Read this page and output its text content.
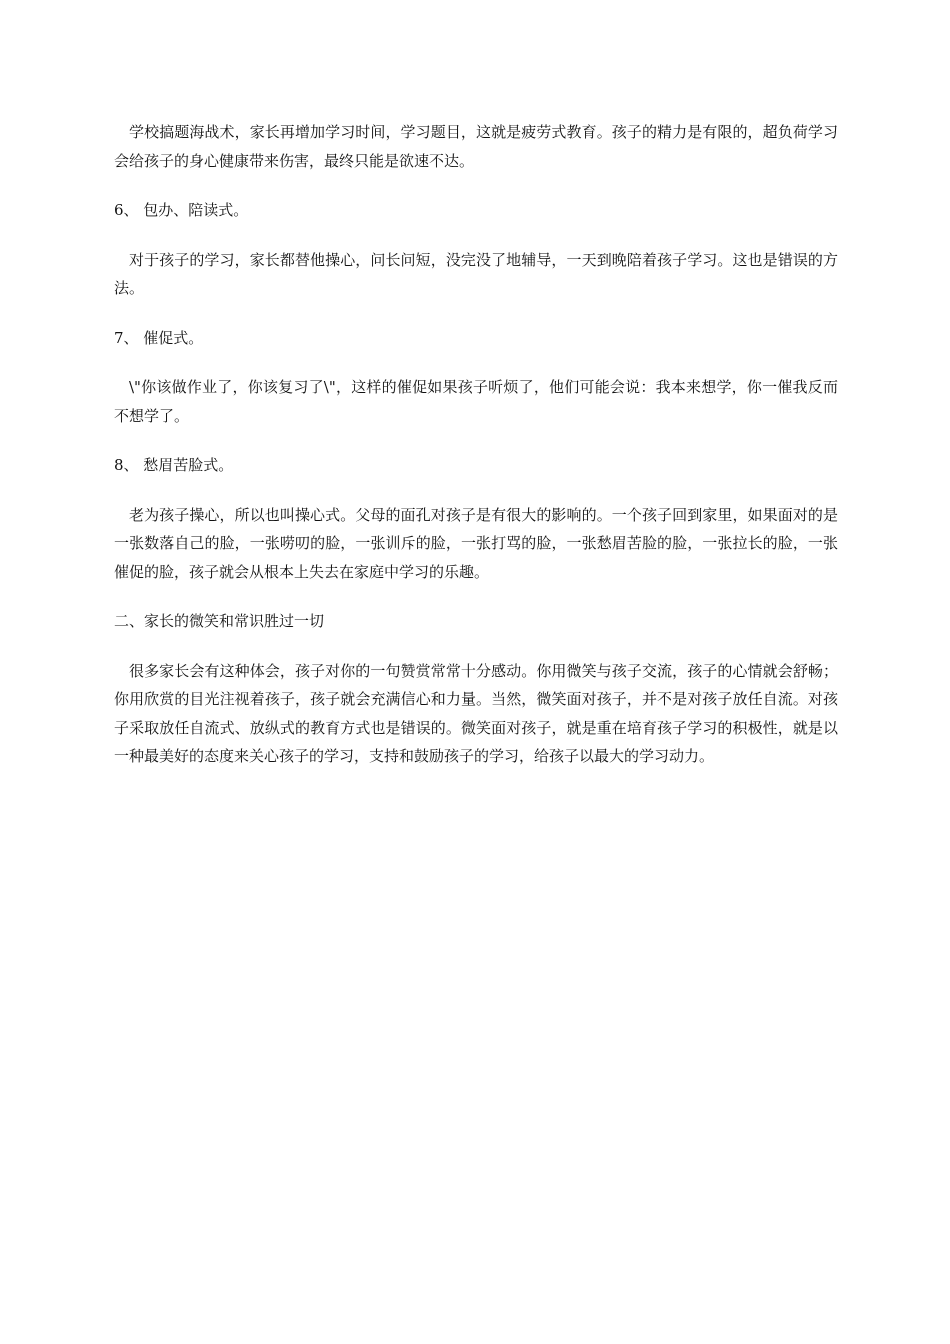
学校搞题海战术，家长再增加学习时间，学习题目，这就是疲劳式教育。孩子的精力是有限的，超负荷学习会给孩子的身心健康带来伤害，最终只能是欲速不达。

6、 包办、陪读式。

对于孩子的学习，家长都替他操心，问长问短，没完没了地辅导，一天到晚陪着孩子学习。这也是错误的方法。

7、 催促式。

\"你该做作业了，你该复习了\"，这样的催促如果孩子听烦了，他们可能会说：我本来想学，你一催我反而不想学了。

8、 愁眉苦脸式。

老为孩子操心，所以也叫操心式。父母的面孔对孩子是有很大的影响的。一个孩子回到家里，如果面对的是一张数落自己的脸，一张唠叨的脸，一张训斥的脸，一张打骂的脸，一张愁眉苦脸的脸，一张拉长的脸，一张催促的脸，孩子就会从根本上失去在家庭中学习的乐趣。

二、家长的微笑和常识胜过一切

很多家长会有这种体会，孩子对你的一句赞赏常常十分感动。你用微笑与孩子交流，孩子的心情就会舒畅；你用欣赏的目光注视着孩子，孩子就会充满信心和力量。当然，微笑面对孩子，并不是对孩子放任自流。对孩子采取放任自流式、放纵式的教育方式也是错误的。微笑面对孩子，就是重在培育孩子学习的积极性，就是以一种最美好的态度来关心孩子的学习，支持和鼓励孩子的学习，给孩子以最大的学习动力。
